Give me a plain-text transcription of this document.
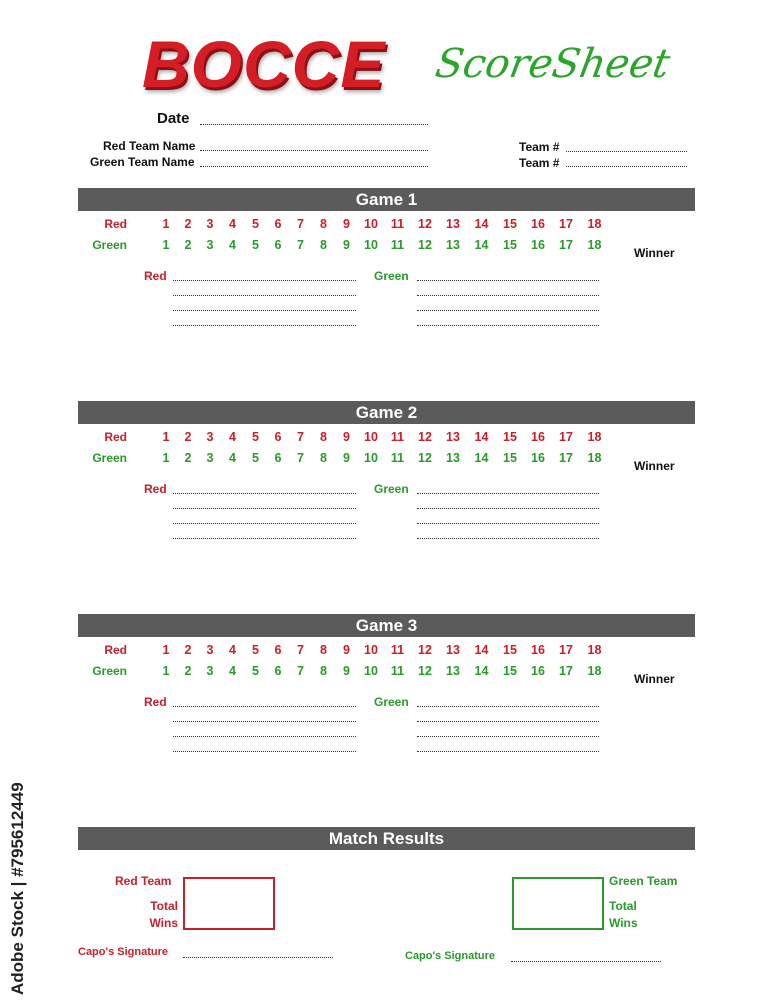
BOCCE ScoreSheet
Date
Red Team Name
Green Team Name
Team #
Team #
Game 1
Red	1	2	3	4	5	6	7	8	9	10	11	12	13	14	15	16	17	18
Green	1	2	3	4	5	6	7	8	9	10	11	12	13	14	15	16	17	18
Winner
Red	Green
Game 2
Red	1	2	3	4	5	6	7	8	9	10	11	12	13	14	15	16	17	18
Green	1	2	3	4	5	6	7	8	9	10	11	12	13	14	15	16	17	18
Winner
Red	Green
Game 3
Red	1	2	3	4	5	6	7	8	9	10	11	12	13	14	15	16	17	18
Green	1	2	3	4	5	6	7	8	9	10	11	12	13	14	15	16	17	18
Winner
Red	Green
Match Results
Red Team
Total
Wins
Green Team
Total
Wins
Capo's Signature	Capo's Signature
Adobe Stock | #795612449
